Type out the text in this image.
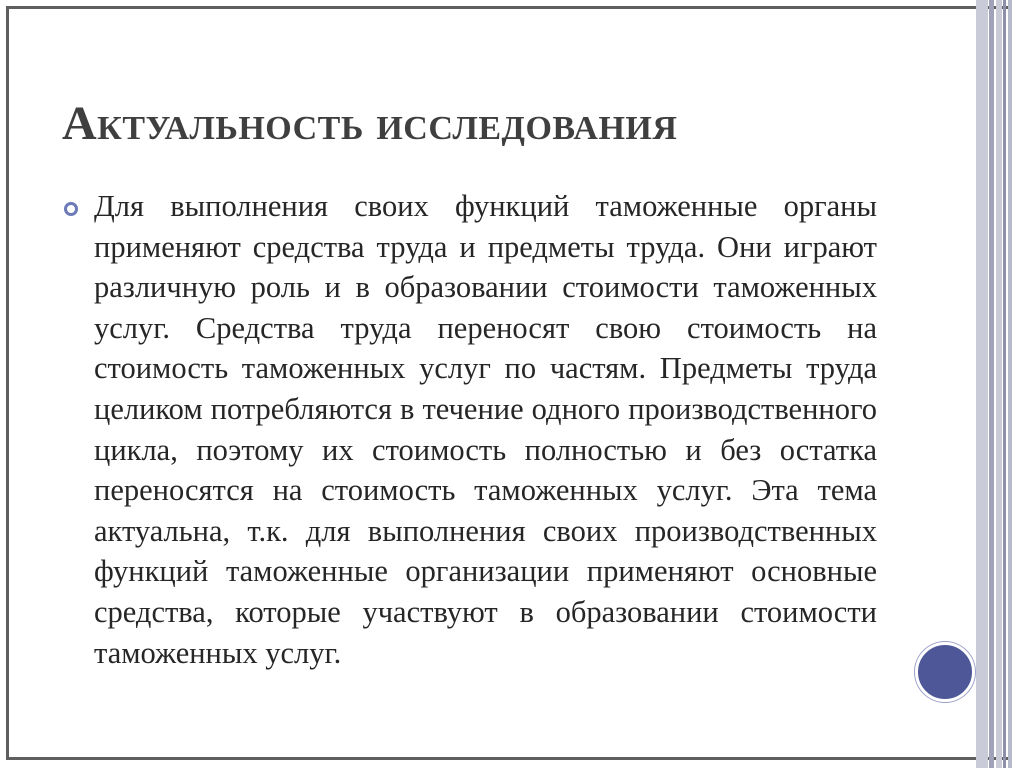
Актуальность исследования

Для выполнения своих функций таможенные органы применяют средства труда и предметы труда. Они играют различную роль и в образовании стоимости таможенных услуг. Средства труда переносят свою стоимость на стоимость таможенных услуг по частям. Предметы труда целиком потребляются в течение одного производственного цикла, поэтому их стоимость полностью и без остатка переносятся на стоимость таможенных услуг. Эта тема актуальна, т.к. для выполнения своих производственных функций таможенные организации применяют основные средства, которые участвуют в образовании стоимости таможенных услуг.
